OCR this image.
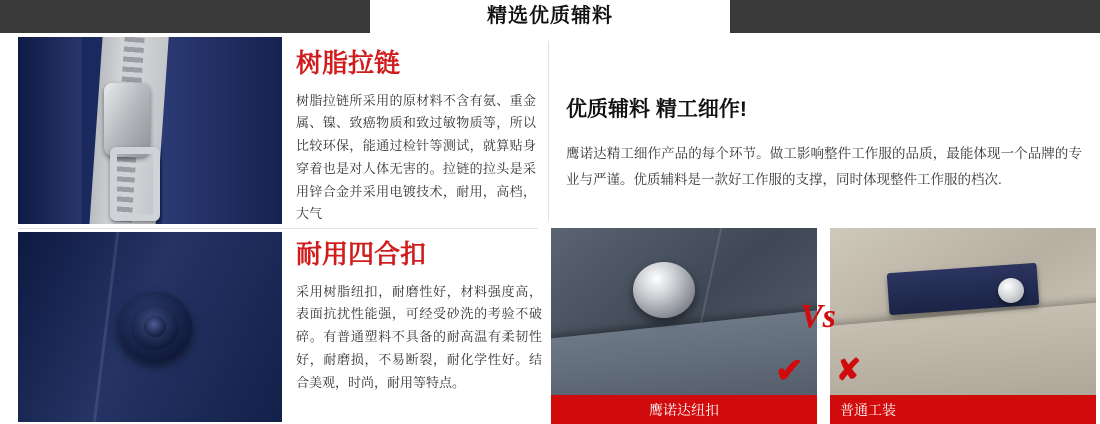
精选优质辅料
树脂拉链

树脂拉链所采用的原材料不含有氨、重金属、镍、致癌物质和致过敏物质等，所以比较环保，能通过检针等测试，就算贴身穿着也是对人体无害的。拉链的拉头是采用锌合金并采用电镀技术，耐用，高档，大气

优质辅料 精工细作!

鹰诺达精工细作产品的每个环节。做工影响整件工作服的品质，最能体现一个品牌的专业与严谨。优质辅料是一款好工作服的支撑，同时体现整件工作服的档次.

耐用四合扣

采用树脂纽扣，耐磨性好，材料强度高，表面抗扰性能强，可经受砂洗的考验不破碎。有普通塑料不具备的耐高温有柔韧性好，耐磨损，不易断裂，耐化学性好。结合美观，时尚，耐用等特点。

鹰诺达纽扣	普通工装
Vs
✔ ✘
